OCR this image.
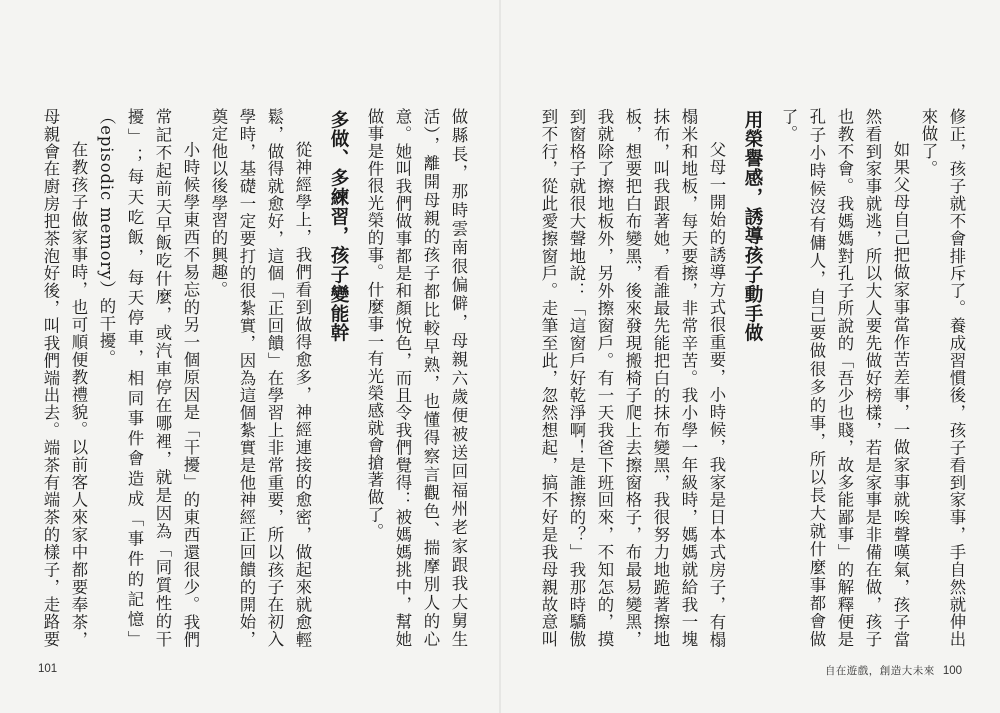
做縣長，那時雲南很偏僻，母親六歲便被送回福州老家跟我大舅生活），離開母親的孩子都比較早熟，也懂得察言觀色、揣摩別人的心意。她叫我們做事都是和顏悅色，而且令我們覺得：被媽媽挑中，幫她做事是件很光榮的事。什麼事一有光榮感就會搶著做了。

多做、多練習，孩子變能幹

從神經學上，我們看到做得愈多，神經連接的愈密，做起來就愈輕鬆，做得就愈好，這個「正回饋」在學習上非常重要，所以孩子在初入學時，基礎一定要打的很紮實，因為這個紮實是他神經正回饋的開始，奠定他以後學習的興趣。

小時候學東西不易忘的另一個原因是「干擾」的東西還很少。我們常記不起前天早飯吃什麼，或汽車停在哪裡，就是因為「同質性的干擾」；每天吃飯，每天停車，相同事件會造成「事件的記憶」（episodic memory）的干擾。

在教孩子做家事時，也可順便教禮貌。以前客人來家中都要奉茶，母親會在廚房把茶泡好後，叫我們端出去。端茶有端茶的樣子，走路要

101

修正，孩子就不會排斥了。養成習慣後，孩子看到家事，手自然就伸出來做了。

如果父母自己把做家事當作苦差事，一做家事就唉聲嘆氣，孩子當然看到家事就逃，所以大人要先做好榜樣，若是家事是非備在做，孩子也教不會。我媽媽對孔子所說的「吾少也賤，故多能鄙事」的解釋便是孔子小時候沒有傭人，自己要做很多的事，所以長大就什麼事都會做了。

用榮譽感，誘導孩子動手做

父母一開始的誘導方式很重要，小時候，我家是日本式房子，有榻榻米和地板，每天要擦，非常辛苦。我小學一年級時，媽媽就給我一塊抹布，叫我跟著她，看誰最先能把白的抹布變黑，我很努力地跪著擦地板，想要把白布變黑，後來發現搬椅子爬上去擦窗格子，布最易變黑，我就除了擦地板外，另外擦窗戶。有一天我爸下班回來，不知怎的，摸到窗格子就很大聲地說：「這窗戶好乾淨啊！是誰擦的？」我那時驕傲到不行，從此愛擦窗戶。走筆至此，忽然想起，搞不好是我母親故意叫

自在遊戲，創造大未來 100
